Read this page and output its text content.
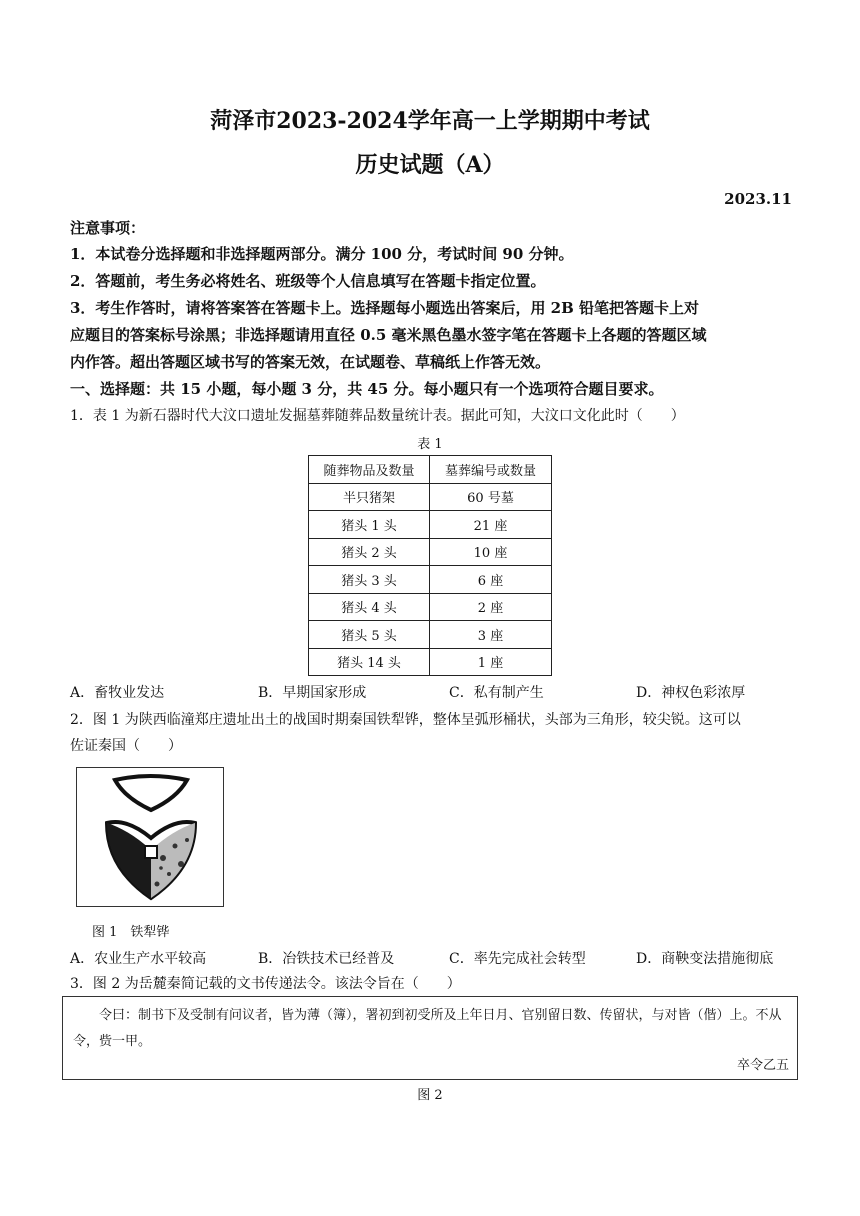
菏泽市2023-2024学年高一上学期期中考试
历史试题（A）
2023.11
注意事项：
1．本试卷分选择题和非选择题两部分。满分 100 分，考试时间 90 分钟。
2．答题前，考生务必将姓名、班级等个人信息填写在答题卡指定位置。
3．考生作答时，请将答案答在答题卡上。选择题每小题选出答案后，用 2B 铅笔把答题卡上对
应题目的答案标号涂黑；非选择题请用直径 0.5 毫米黑色墨水签字笔在答题卡上各题的答题区域
内作答。超出答题区域书写的答案无效，在试题卷、草稿纸上作答无效。
一、选择题：共 15 小题，每小题 3 分，共 45 分。每小题只有一个选项符合题目要求。
1．表 1 为新石器时代大汶口遗址发掘墓葬随葬品数量统计表。据此可知，大汶口文化此时（　　）
表 1
随葬物品及数量	墓葬编号或数量
半只猪架	60 号墓
猪头 1 头	21 座
猪头 2 头	10 座
猪头 3 头	6 座
猪头 4 头	2 座
猪头 5 头	3 座
猪头 14 头	1 座
A．畜牧业发达	B．早期国家形成	C．私有制产生	D．神权色彩浓厚
2．图 1 为陕西临潼郑庄遗址出土的战国时期秦国铁犁铧，整体呈弧形桶状，头部为三角形，较尖锐。这可以
佐证秦国（　　）
图 1　铁犁铧
A．农业生产水平较高	B．冶铁技术已经普及	C．率先完成社会转型	D．商鞅变法措施彻底
3．图 2 为岳麓秦简记载的文书传递法令。该法令旨在（　　）
令曰：制书下及受制有问议者，皆为薄（簿），署初到初受所及上年日月、官别留日数、传留状，与对皆（偕）上。不从令，赀一甲。
卒令乙五
图 2
